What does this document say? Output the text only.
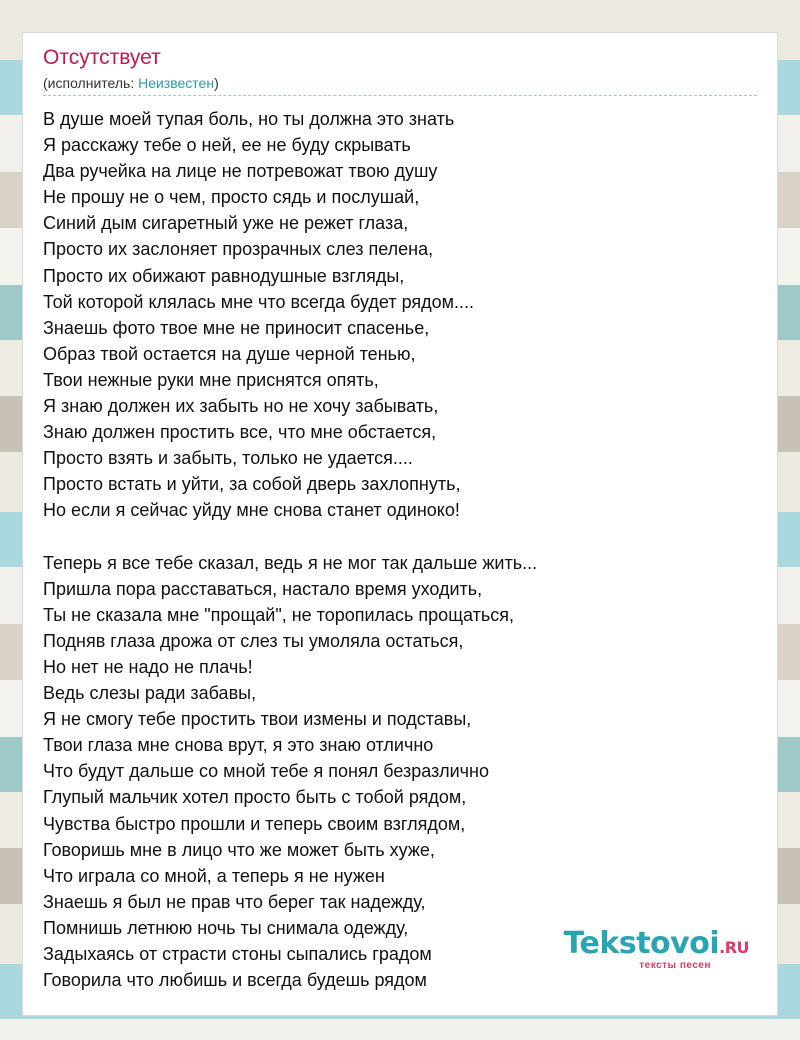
Отсутствует
(исполнитель: Неизвестен)
В душе моей тупая боль, но ты должна это знать
Я расскажу тебе о ней, ее не буду скрывать
Два ручейка на лице не потревожат твою душу
Не прошу не о чем, просто сядь и послушай,
Синий дым сигаретный уже не режет глаза,
Просто их заслоняет прозрачных слез пелена,
Просто их обижают равнодушные взгляды,
Той которой клялась мне что всегда будет рядом....
Знаешь фото твое мне не приносит спасенье,
Образ твой остается на душе черной тенью,
Твои нежные руки мне приснятся опять,
Я знаю должен их забыть но не хочу забывать,
Знаю должен простить все, что мне обстается,
Просто взять и забыть, только не удается....
Просто встать и уйти, за собой дверь захлопнуть,
Но если я сейчас уйду мне снова станет одиноко!
Теперь я все тебе сказал, ведь я не мог так дальше жить...
Пришла пора расставаться, настало время уходить,
Ты не сказала мне "прощай", не торопилась прощаться,
Подняв глаза дрожа от слез ты умоляла остаться,
Но нет не надо не плачь!
Ведь слезы ради забавы,
Я не смогу тебе простить твои измены и подставы,
Твои глаза мне снова врут, я это знаю отлично
Что будут дальше со мной тебе я понял безразлично
Глупый мальчик хотел просто быть с тобой рядом,
Чувства быстро прошли и теперь своим взглядом,
Говоришь мне в лицо что же может быть хуже,
Что играла со мной, а теперь я не нужен
Знаешь я был не прав что берег так надежду,
Помнишь летнюю ночь ты снимала одежду,
Задыхаясь от страсти стоны сыпались градом
Говорила что любишь и всегда будешь рядом
Tekstovoi.RU
тексты песен
